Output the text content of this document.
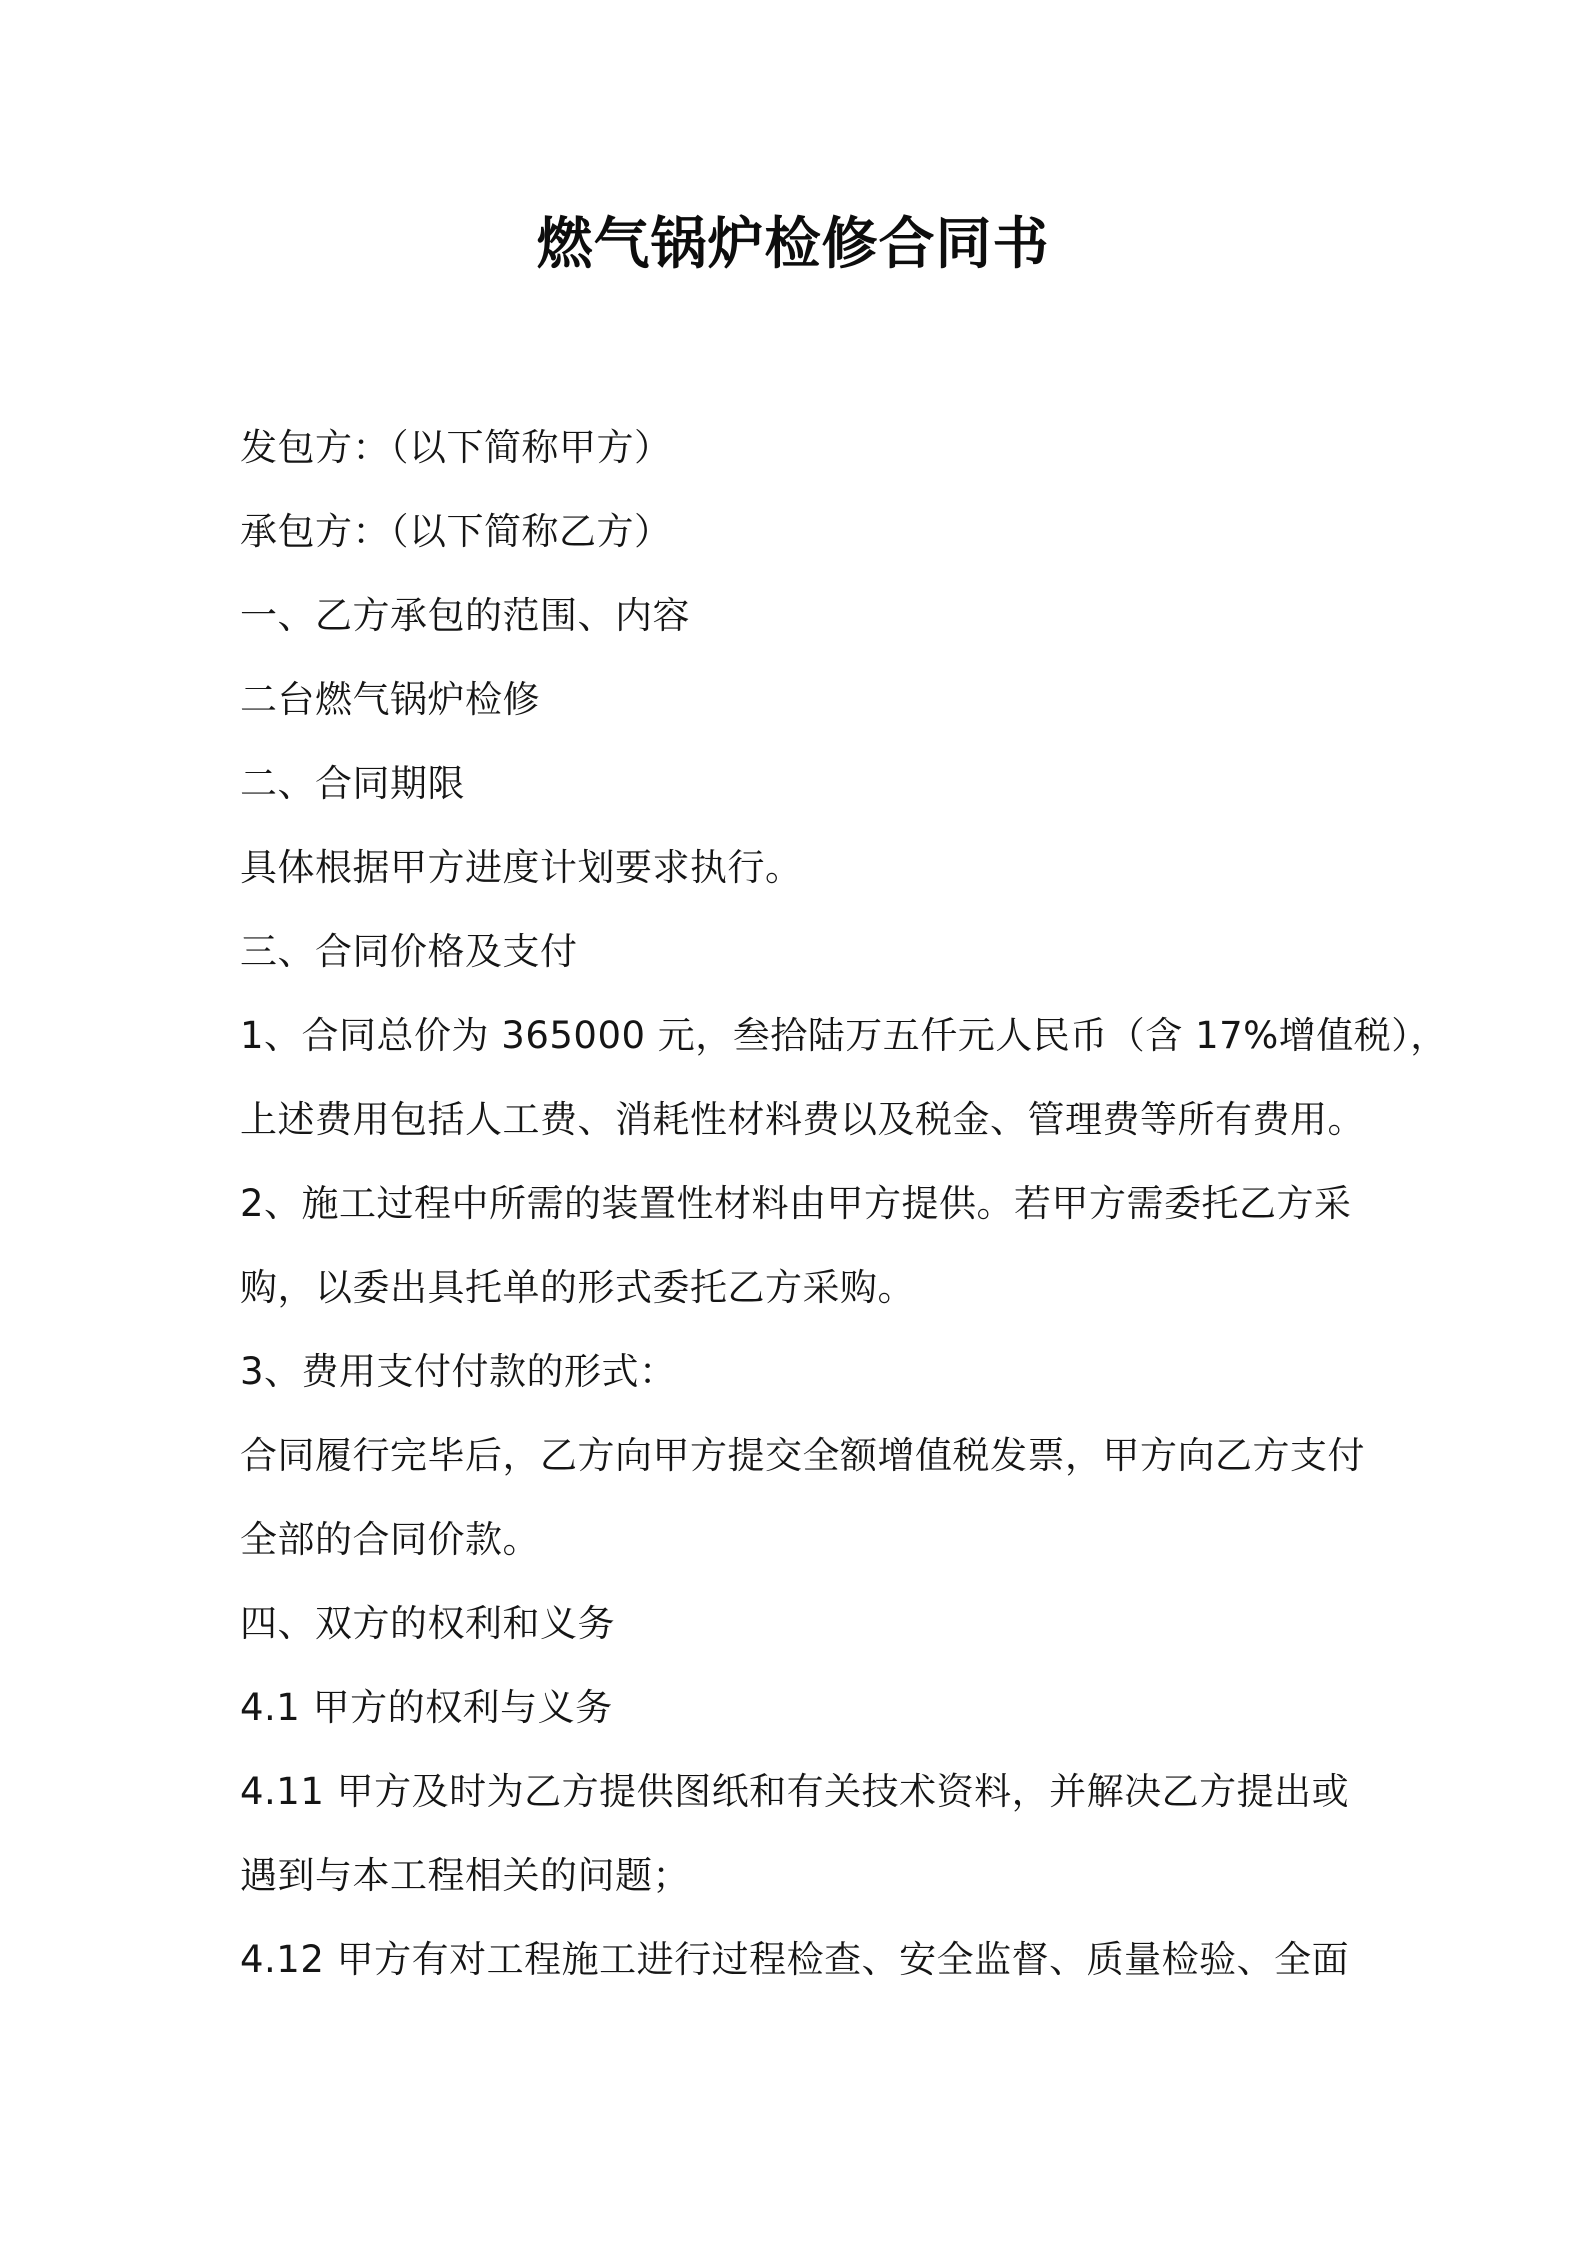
燃气锅炉检修合同书
发包方：（以下简称甲方）
承包方：（以下简称乙方）
一、乙方承包的范围、内容
二台燃气锅炉检修
二、合同期限
具体根据甲方进度计划要求执行。
三、合同价格及支付
1、合同总价为 365000 元，叁拾陆万五仟元人民币（含 17%增值税），
上述费用包括人工费、消耗性材料费以及税金、管理费等所有费用。
2、施工过程中所需的装置性材料由甲方提供。若甲方需委托乙方采
购，以委出具托单的形式委托乙方采购。
3、费用支付付款的形式：
合同履行完毕后，乙方向甲方提交全额增值税发票，甲方向乙方支付
全部的合同价款。
四、双方的权利和义务
4.1 甲方的权利与义务
4.11 甲方及时为乙方提供图纸和有关技术资料，并解决乙方提出或
遇到与本工程相关的问题；
4.12 甲方有对工程施工进行过程检查、安全监督、质量检验、全面
